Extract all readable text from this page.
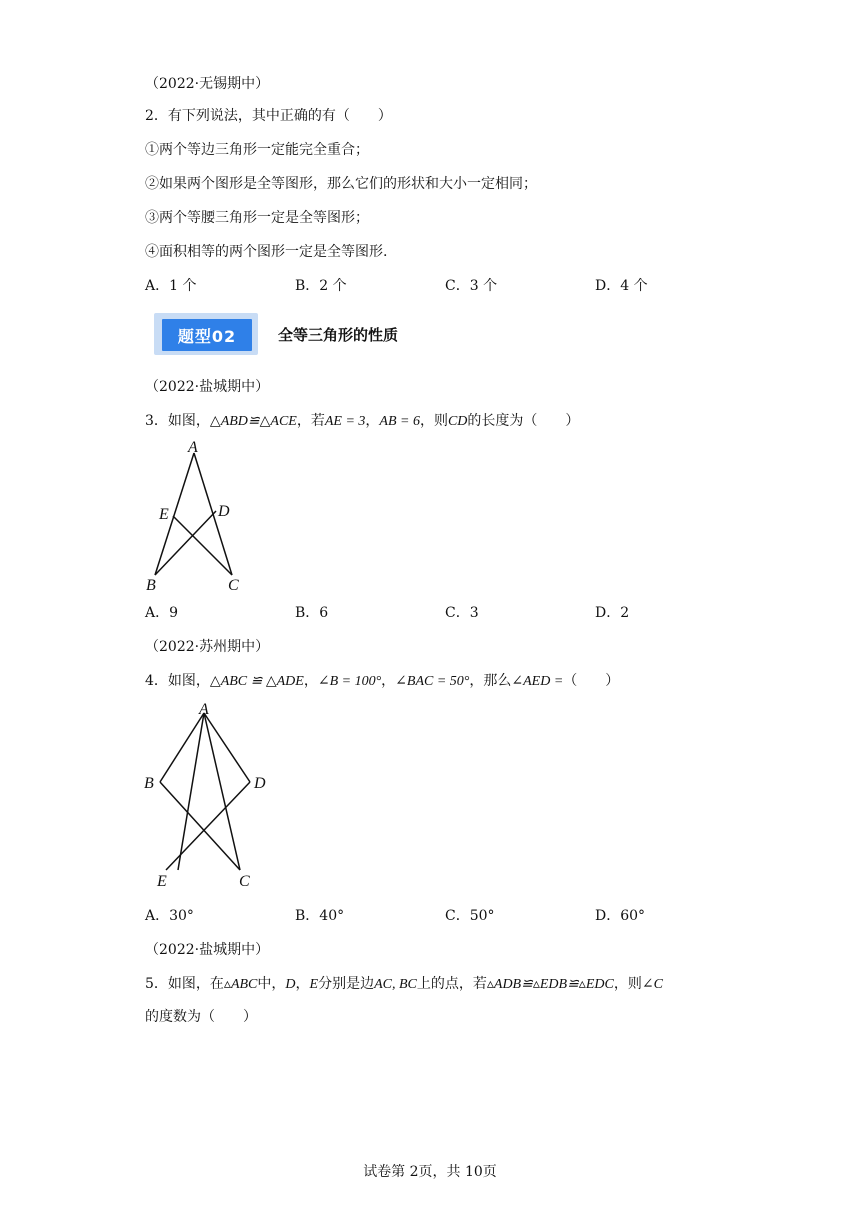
（2022·无锡期中）
2．有下列说法，其中正确的有（　　）
①两个等边三角形一定能完全重合；
②如果两个图形是全等图形，那么它们的形状和大小一定相同；
③两个等腰三角形一定是全等图形；
④面积相等的两个图形一定是全等图形.
A．1 个	B．2 个	C．3 个	D．4 个
题型02	全等三角形的性质
（2022·盐城期中）
3．如图，△ABD≌△ACE，若AE = 3，AB = 6，则CD的长度为（　　）
A
E	D
B	C
A．9	B．6	C．3	D．2
（2022·苏州期中）
4．如图，△ABC ≌ △ADE，∠B = 100°，∠BAC = 50°，那么∠AED =（　　）
A
B	D
E	C
A．30°	B．40°	C．50°	D．60°
（2022·盐城期中）
5．如图，在▵ABC中，D，E分别是边AC, BC上的点，若▵ADB≌▵EDB≌▵EDC，则∠C
的度数为（　　）
试卷第 2页，共 10页
